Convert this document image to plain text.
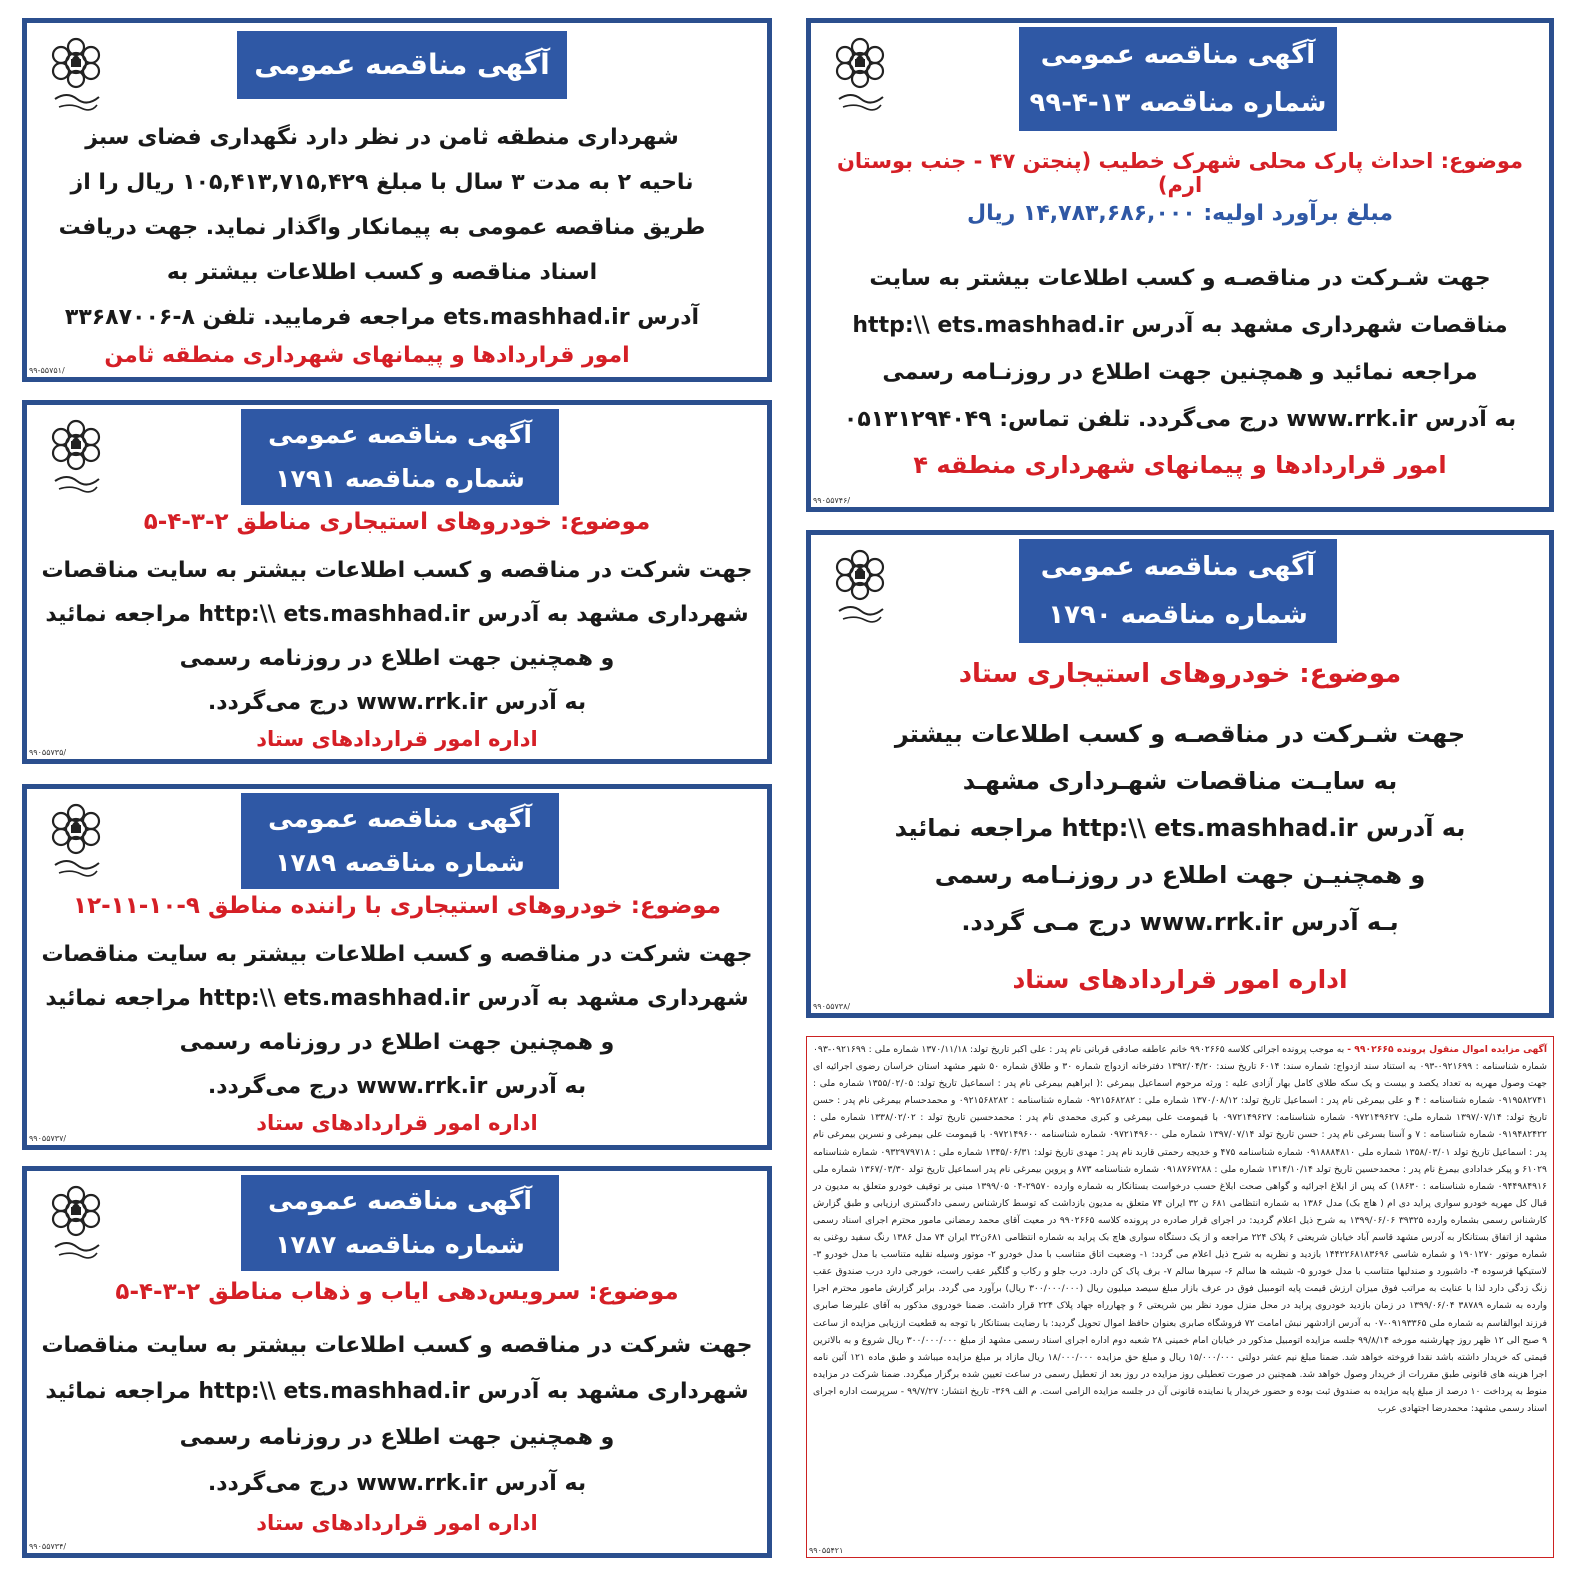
آگهی مناقصه عمومی
شهرداری منطقه ثامن در نظر دارد نگهداری فضای سبز
ناحیه ۲ به مدت ۳ سال با مبلغ ۱۰۵,۴۱۳,۷۱۵,۴۲۹ ریال را از
طریق مناقصه عمومی به پیمانکار واگذار نماید. جهت دریافت
اسناد مناقصه و کسب اطلاعات بیشتر به
آدرس ets.mashhad.ir مراجعه فرمایید. تلفن ۸-۳۳۶۸۷۰۰۶
امور قراردادها و پیمانهای شهرداری منطقه ثامن
۹۹-۵۵۷۵۱/
آگهی مناقصه عمومی
شماره مناقصه ۱۳-۴-۹۹
موضوع: احداث پارک محلی شهرک خطیب (پنجتن ۴۷ - جنب بوستان ارم)
مبلغ برآورد اولیه: ۱۴,۷۸۳,۶۸۶,۰۰۰ ریال
جهت شـرکت در مناقصـه و کسب اطلاعات بیشتر به سایت
مناقصات شهرداری مشهد به آدرس http:\\ ets.mashhad.ir
مراجعه نمائید و همچنین جهت اطلاع در روزنـامه رسمی
به آدرس www.rrk.ir درج می‌گردد. تلفن تماس: ۰۵۱۳۱۲۹۴۰۴۹
امور قراردادها و پیمانهای شهرداری منطقه ۴
۹۹۰۵۵۷۴۶/
آگهی مناقصه عمومی
شماره مناقصه ۱۷۹۱
موضوع: خودروهای استیجاری مناطق ۲-۳-۴-۵
جهت شرکت در مناقصه و کسب اطلاعات بیشتر به سایت مناقصات
شهرداری مشهد به آدرس http:\\ ets.mashhad.ir مراجعه نمائید
و همچنین جهت اطلاع در روزنامه رسمی
به آدرس www.rrk.ir درج می‌گردد.
اداره امور قراردادهای ستاد
۹۹۰۵۵۷۳۵/
آگهی مناقصه عمومی
شماره مناقصه ۱۷۹۰
موضوع: خودروهای استیجاری ستاد
جهت شـرکت در مناقصـه و کسب اطلاعات بیشتر
به سایـت مناقصات شهـرداری مشهـد
به آدرس http:\\ ets.mashhad.ir مراجعه نمائید
و همچنیـن جهت اطلاع در روزنـامه رسمی
بـه آدرس www.rrk.ir درج مـی گردد.
اداره امور قراردادهای ستاد
۹۹۰۵۵۷۳۸/
آگهی مناقصه عمومی
شماره مناقصه ۱۷۸۹
موضوع: خودروهای استیجاری با راننده مناطق ۹-۱۰-۱۱-۱۲
جهت شرکت در مناقصه و کسب اطلاعات بیشتر به سایت مناقصات
شهرداری مشهد به آدرس http:\\ ets.mashhad.ir مراجعه نمائید
و همچنین جهت اطلاع در روزنامه رسمی
به آدرس www.rrk.ir درج می‌گردد.
اداره امور قراردادهای ستاد
۹۹۰۵۵۷۳۷/
آگهی مناقصه عمومی
شماره مناقصه ۱۷۸۷
موضوع: سرویس‌دهی ایاب و ذهاب مناطق ۲-۳-۴-۵
جهت شرکت در مناقصه و کسب اطلاعات بیشتر به سایت مناقصات
شهرداری مشهد به آدرس http:\\ ets.mashhad.ir مراجعه نمائید
و همچنین جهت اطلاع در روزنامه رسمی
به آدرس www.rrk.ir درج می‌گردد.
اداره امور قراردادهای ستاد
۹۹۰۵۵۷۳۴/
آگهی مزایده اموال منقول پرونده ۹۹۰۲۶۶۵ - به موجب پرونده اجرائی کلاسه ۹۹۰۲۶۶۵ خانم عاطفه صادقی قربانی نام پدر : علی اکبر تاریخ تولد: ۱۳۷۰/۱۱/۱۸ شماره ملی : ۰۹۲۱۶۹۹-۰۹۳ شماره شناسنامه : ۰۹۲۱۶۹۹-۰۹۳ به استناد سند ازدواج: شماره سند: ۶۰۱۴ تاریخ سند: ۱۳۹۲/۰۴/۲۰ دفترخانه ازدواج شماره ۳۰ و طلاق شماره ۵۰ شهر مشهد استان خراسان رضوی اجرائیه ای جهت وصول مهریه به تعداد یکصد و بیست و یک سکه طلای کامل بهار آزادی علیه : ورثه مرحوم اسماعیل بیمرغی :( ابراهیم بیمرغی نام پدر : اسماعیل تاریخ تولد: ۱۳۵۵/۰۲/۰۵ شماره ملی : ۰۹۱۹۵۸۲۷۴۱ شماره شناسنامه : ۴ و علی بیمرغی نام پدر : اسماعیل تاریخ تولد: ۱۳۷۰/۰۸/۱۲ شماره ملی : ۰۹۲۱۵۶۸۲۸۲ شماره شناسنامه : ۰۹۲۱۵۶۸۲۸۲ و محمدحسام بیمرغی نام پدر : حسن تاریخ تولد: ۱۳۹۷/۰۷/۱۴ شماره ملی: ۰۹۷۲۱۴۹۶۲۷ شماره شناسنامه: ۰۹۷۲۱۴۹۶۲۷ با قیمومت علی بیمرغی و کبری محمدی نام پدر : محمدحسین تاریخ تولد : ۱۳۳۸/۰۲/۰۲ شماره ملی : ۰۹۱۹۴۸۲۴۲۲ شماره شناسنامه : ۷ و آسنا بسرغی نام پدر : حسن تاریخ تولد ۱۳۹۷/۰۷/۱۴ شماره ملی ۰۹۷۲۱۴۹۶۰۰ شماره شناسنامه ۰۹۷۲۱۴۹۶۰۰ با قیمومت علی بیمرغی و نسرین بیمرغی نام پدر : اسماعیل تاریخ تولد ۱۳۵۸/۰۳/۰۱ شماره ملی ۰۹۱۸۸۸۴۸۱۰ شماره شناسنامه ۴۷۵ و خدیجه رحمتی قاربد نام پدر : مهدی تاریخ تولد: ۱۳۴۵/۰۶/۳۱ شماره ملی : ۰۹۳۲۹۷۹۷۱۸ شماره شناسنامه ۶۱۰۲۹ و پیکر خدادادی بیمرغ نام پدر : محمدحسین تاریخ تولد ۱۳۱۴/۱۰/۱۴ شماره ملی : ۰۹۱۸۷۶۷۲۸۸ شماره شناسنامه ۸۷۳ و پروین بیمرغی نام پدر اسماعیل تاریخ تولد ۱۳۶۷/۰۳/۳۰ شماره ملی ۰۹۴۴۹۸۴۹۱۶ شماره شناسنامه : ۱۸۶۳۰) که پس از ابلاغ اجرائیه و گواهی صحت ابلاغ حسب درخواست بستانکار به شماره وارده ۲۹۵۷۰-۰۴ ۱۳۹۹/۰۵ مبنی بر توقیف خودرو متعلق به مدیون در قبال کل مهریه خودرو سواری پراید دی ام ( هاچ بک) مدل ۱۳۸۶ به شماره انتظامی ۶۸۱ ن ۳۲ ایران ۷۴ متعلق به مدیون بازداشت که توسط کارشناس رسمی دادگستری ارزیابی و طبق گزارش کارشناس رسمی بشماره وارده ۳۹۳۲۵ ۱۳۹۹/۰۶/۰۶ به شرح ذیل اعلام گردید: در اجرای قرار صادره در پرونده کلاسه ۹۹۰۲۶۶۵ در معیت آقای محمد رمضانی مامور محترم اجرای اسناد رسمی مشهد از اتفاق بستانکار به آدرس مشهد قاسم آباد خیابان شریعتی ۶ پلاک ۲۲۴ مراجعه و از یک دستگاه سواری هاچ بک پراید به شماره انتظامی ۶۸۱ن۳۲ ایران ۷۴ مدل ۱۳۸۶ رنگ سفید روغنی به شماره موتور ۱۹۰۱۲۷۰ و شماره شاسی ۱۴۴۲۲۶۸۱۸۳۶۹۶ بازدید و نظریه به شرح ذیل اعلام می گردد: ۱- وضعیت اتاق متناسب با مدل خودرو ۲- موتور وسیله نقلیه متناسب با مدل خودرو ۳- لاستیکها فرسوده ۴- داشبورد و صندلیها متناسب با مدل خودرو ۵- شیشه ها سالم ۶- سپرها سالم ۷- برف پاک کن دارد. درب جلو و رکاب و گلگیر عقب راست، خورجی دارد درب صندوق عقب زنگ زدگی دارد لذا با عنایت به مراتب فوق میزان ارزش قیمت پایه اتومبیل فوق در عرف بازار مبلغ سیصد میلیون ریال (۳۰۰/۰۰۰/۰۰۰ ریال) برآورد می گردد. برابر گزارش مامور محترم اجرا وارده به شماره ۳۸۷۸۹ ۱۳۹۹/۰۶/۰۴ در زمان بازدید خودروی پراید در محل منزل مورد نظر بین شریعتی ۶ و چهارراه جهاد پلاک ۲۲۴ قرار داشت. ضمنا خودروی مذکور به آقای علیرضا صابری فرزند ابوالقاسم به شماره ملی ۰۹۱۹۳۳۶۵-۰۷ به آدرس ازادشهر نبش امامت ۷۲ فروشگاه صابری بعنوان حافظ اموال تحویل گردید: با رضایت بستانکار با توجه به قطعیت ارزیابی مزایده از ساعت ۹ صبح الی ۱۲ ظهر روز چهارشنبه مورخه ۹۹/۸/۱۴ جلسه مزایده اتومبیل مذکور در خیابان امام خمینی ۲۸ شعبه دوم اداره اجرای اسناد رسمی مشهد از مبلغ ۳۰۰/۰۰۰/۰۰۰ ریال شروع و به بالاترین قیمتی که خریدار داشته باشد نقدا فروخته خواهد شد. ضمنا مبلغ نیم عشر دولتی ۱۵/۰۰۰/۰۰۰ ریال و مبلغ حق مزایده ۱۸/۰۰۰/۰۰۰ ریال مازاد بر مبلغ مزایده میباشد و طبق ماده ۱۲۱ آئین نامه اجرا هزینه های قانونی طبق مقررات از خریدار وصول خواهد شد. همچنین در صورت تعطیلی روز مزایده در روز بعد از تعطیل رسمی در ساعت تعیین شده برگزار میگردد. ضمنا شرکت در مزایده منوط به پرداخت ۱۰ درصد از مبلغ پایه مزایده به صندوق ثبت بوده و حضور خریدار یا نماینده قانونی آن در جلسه مزایده الزامی است. م الف ۳۶۹- تاریخ انتشار: ۹۹/۷/۲۷ - سرپرست اداره اجرای اسناد رسمی مشهد: محمدرضا اجتهادی عرب
۹۹۰۵۵۴۲۱
